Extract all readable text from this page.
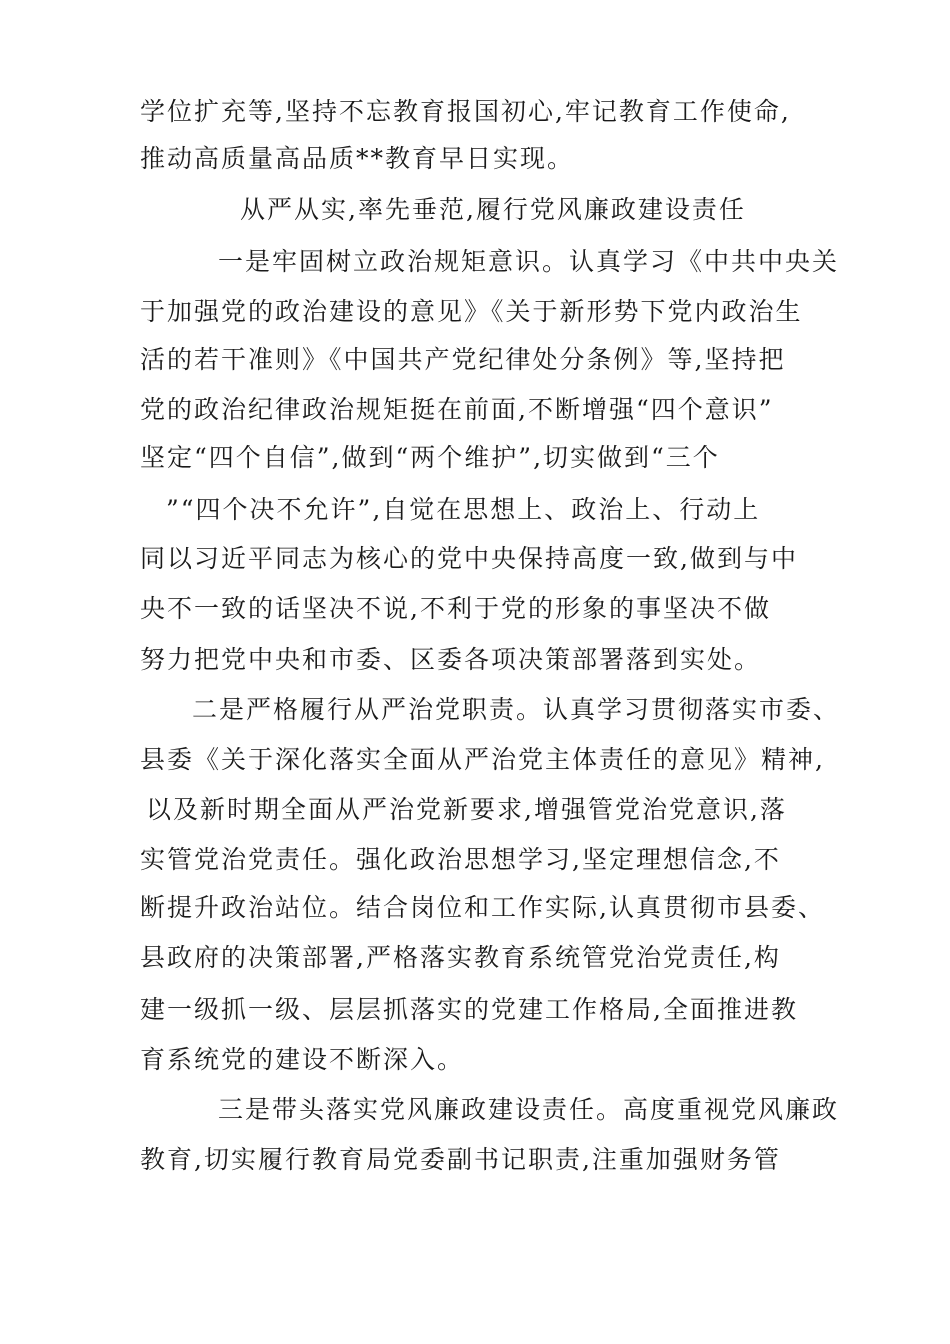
学位扩充等,坚持不忘教育报国初心,牢记教育工作使命,
推动高质量高品质**教育早日实现。
从严从实,率先垂范,履行党风廉政建设责任
一是牢固树立政治规矩意识。认真学习《中共中央关
于加强党的政治建设的意见》《关于新形势下党内政治生
活的若干准则》《中国共产党纪律处分条例》等,坚持把
党的政治纪律政治规矩挺在前面,不断增强“四个意识”
坚定“四个自信”,做到“两个维护”,切实做到“三个
”“四个决不允许”,自觉在思想上、政治上、行动上
同以习近平同志为核心的党中央保持高度一致,做到与中
央不一致的话坚决不说,不利于党的形象的事坚决不做
努力把党中央和市委、区委各项决策部署落到实处。
二是严格履行从严治党职责。认真学习贯彻落实市委、
县委《关于深化落实全面从严治党主体责任的意见》精神,
以及新时期全面从严治党新要求,增强管党治党意识,落
实管党治党责任。强化政治思想学习,坚定理想信念,不
断提升政治站位。结合岗位和工作实际,认真贯彻市县委、
县政府的决策部署,严格落实教育系统管党治党责任,构
建一级抓一级、层层抓落实的党建工作格局,全面推进教
育系统党的建设不断深入。
三是带头落实党风廉政建设责任。高度重视党风廉政
教育,切实履行教育局党委副书记职责,注重加强财务管
